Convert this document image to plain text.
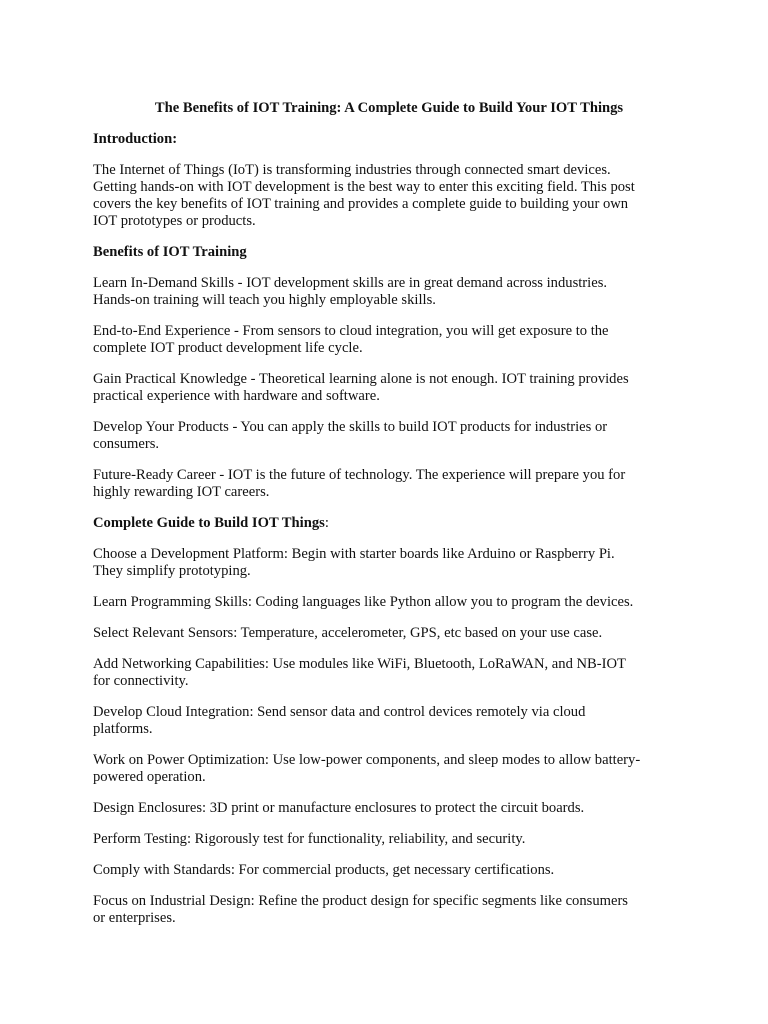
The Benefits of IOT Training: A Complete Guide to Build Your IOT Things
Introduction:
The Internet of Things (IoT) is transforming industries through connected smart devices.
Getting hands-on with IOT development is the best way to enter this exciting field. This post
covers the key benefits of IOT training and provides a complete guide to building your own
IOT prototypes or products.
Benefits of IOT Training
Learn In-Demand Skills - IOT development skills are in great demand across industries.
Hands-on training will teach you highly employable skills.
End-to-End Experience - From sensors to cloud integration, you will get exposure to the
complete IOT product development life cycle.
Gain Practical Knowledge - Theoretical learning alone is not enough. IOT training provides
practical experience with hardware and software.
Develop Your Products - You can apply the skills to build IOT products for industries or
consumers.
Future-Ready Career - IOT is the future of technology. The experience will prepare you for
highly rewarding IOT careers.
Complete Guide to Build IOT Things:
Choose a Development Platform: Begin with starter boards like Arduino or Raspberry Pi.
They simplify prototyping.
Learn Programming Skills: Coding languages like Python allow you to program the devices.
Select Relevant Sensors: Temperature, accelerometer, GPS, etc based on your use case.
Add Networking Capabilities: Use modules like WiFi, Bluetooth, LoRaWAN, and NB-IOT
for connectivity.
Develop Cloud Integration: Send sensor data and control devices remotely via cloud
platforms.
Work on Power Optimization: Use low-power components, and sleep modes to allow battery-
powered operation.
Design Enclosures: 3D print or manufacture enclosures to protect the circuit boards.
Perform Testing: Rigorously test for functionality, reliability, and security.
Comply with Standards: For commercial products, get necessary certifications.
Focus on Industrial Design: Refine the product design for specific segments like consumers
or enterprises.
